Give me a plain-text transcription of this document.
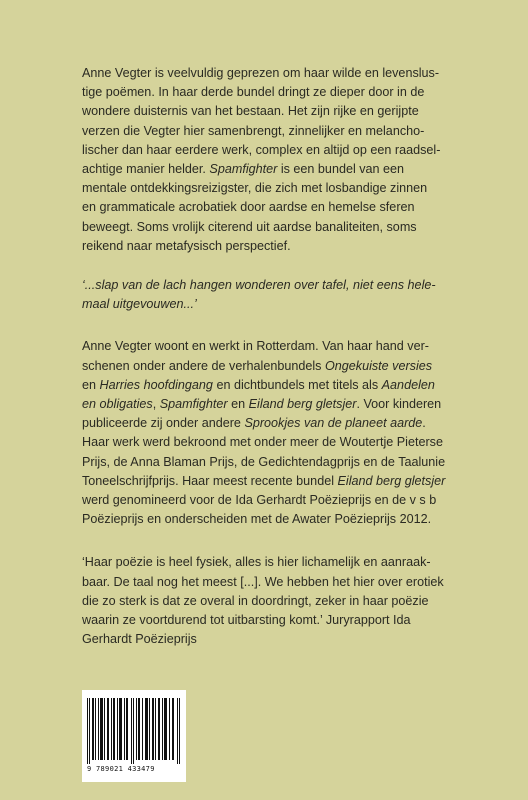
Anne Vegter is veelvuldig geprezen om haar wilde en levenslus-
tige poëmen. In haar derde bundel dringt ze dieper door in de
wondere duisternis van het bestaan. Het zijn rijke en gerijpte
verzen die Vegter hier samenbrengt, zinnelijker en melancho-
lischer dan haar eerdere werk, complex en altijd op een raadsel-
achtige manier helder. Spamfighter is een bundel van een
mentale ontdekkingsreizigster, die zich met losbandige zinnen
en grammaticale acrobatiek door aardse en hemelse sferen
beweegt. Soms vrolijk citerend uit aardse banaliteiten, soms
reikend naar metafysisch perspectief.

‘...slap van de lach hangen wonderen over tafel, niet eens hele-
maal uitgevouwen...’

Anne Vegter woont en werkt in Rotterdam. Van haar hand ver-
schenen onder andere de verhalenbundels Ongekuiste versies
en Harries hoofdingang en dichtbundels met titels als Aandelen
en obligaties, Spamfighter en Eiland berg gletsjer. Voor kinderen
publiceerde zij onder andere Sprookjes van de planeet aarde.
Haar werk werd bekroond met onder meer de Woutertje Pieterse
Prijs, de Anna Blaman Prijs, de Gedichtendagprijs en de Taalunie
Toneelschrijfprijs. Haar meest recente bundel Eiland berg gletsjer
werd genomineerd voor de Ida Gerhardt Poëzieprijs en de v s b
Poëzieprijs en onderscheiden met de Awater Poëzieprijs 2012.

‘Haar poëzie is heel fysiek, alles is hier lichamelijk en aanraak-
baar. De taal nog het meest [...]. We hebben het hier over erotiek
die zo sterk is dat ze overal in doordringt, zeker in haar poëzie
waarin ze voortdurend tot uitbarsting komt.’ Juryrapport Ida
Gerhardt Poëzieprijs

9 789021 433479
